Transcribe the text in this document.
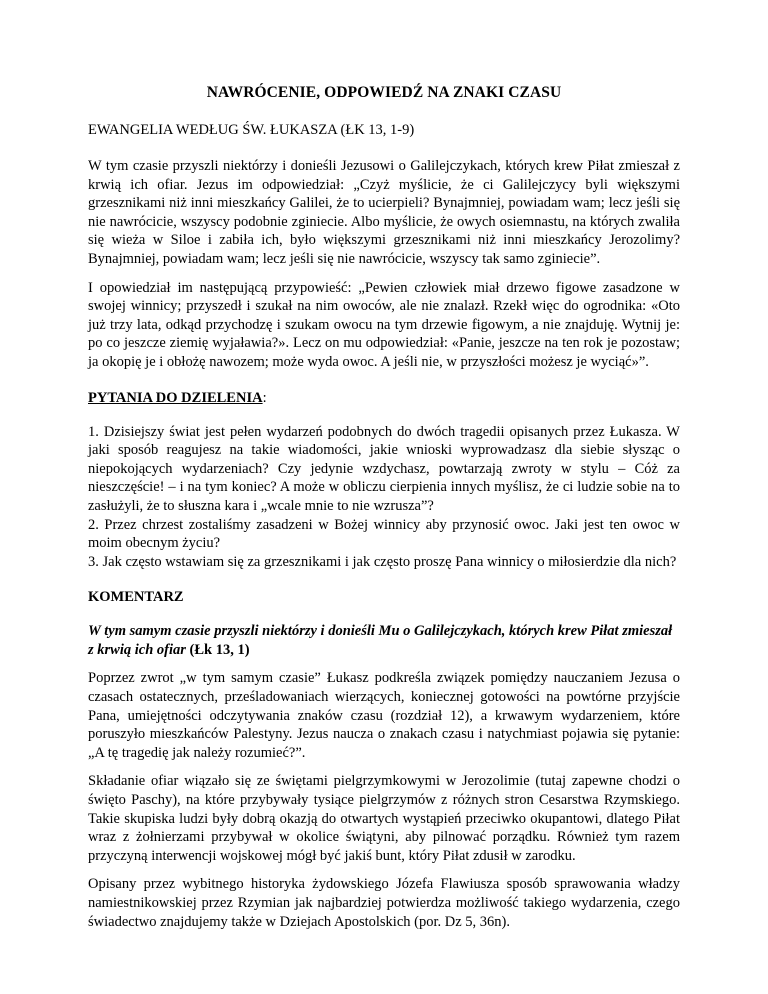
NAWRÓCENIE, ODPOWIEDŹ NA ZNAKI CZASU
EWANGELIA WEDŁUG ŚW. ŁUKASZA (ŁK 13, 1-9)

W tym czasie przyszli niektórzy i donieśli Jezusowi o Galilejczykach, których krew Piłat zmieszał z krwią ich ofiar. Jezus im odpowiedział: „Czyż myślicie, że ci Galilejczycy byli większymi grzesznikami niż inni mieszkańcy Galilei, że to ucierpieli? Bynajmniej, powiadam wam; lecz jeśli się nie nawrócicie, wszyscy podobnie zginiecie. Albo myślicie, że owych osiemnastu, na których zwaliła się wieża w Siloe i zabiła ich, było większymi grzesznikami niż inni mieszkańcy Jerozolimy? Bynajmniej, powiadam wam; lecz jeśli się nie nawrócicie, wszyscy tak samo zginiecie”.

I opowiedział im następującą przypowieść: „Pewien człowiek miał drzewo figowe zasadzone w swojej winnicy; przyszedł i szukał na nim owoców, ale nie znalazł. Rzekł więc do ogrodnika: «Oto już trzy lata, odkąd przychodzę i szukam owocu na tym drzewie figowym, a nie znajduję. Wytnij je: po co jeszcze ziemię wyjaławia?». Lecz on mu odpowiedział: «Panie, jeszcze na ten rok je pozostaw; ja okopię je i obłożę nawozem; może wyda owoc. A jeśli nie, w przyszłości możesz je wyciąć»”.

PYTANIA DO DZIELENIA:
1. Dzisiejszy świat jest pełen wydarzeń podobnych do dwóch tragedii opisanych przez Łukasza. W jaki sposób reagujesz na takie wiadomości, jakie wnioski wyprowadzasz dla siebie słysząc o niepokojących wydarzeniach? Czy jedynie wzdychasz, powtarzają zwroty w stylu – Cóż za nieszczęście! – i na tym koniec? A może w obliczu cierpienia innych myślisz, że ci ludzie sobie na to zasłużyli, że to słuszna kara i „wcale mnie to nie wzrusza”?
2. Przez chrzest zostaliśmy zasadzeni w Bożej winnicy aby przynosić owoc. Jaki jest ten owoc w moim obecnym życiu?
3. Jak często wstawiam się za grzesznikami i jak często proszę Pana winnicy o miłosierdzie dla nich?
KOMENTARZ
W tym samym czasie przyszli niektórzy i donieśli Mu o Galilejczykach, których krew Piłat zmieszał z krwią ich ofiar (Łk 13, 1)

Poprzez zwrot „w tym samym czasie” Łukasz podkreśla związek pomiędzy nauczaniem Jezusa o czasach ostatecznych, prześladowaniach wierzących, koniecznej gotowości na powtórne przyjście Pana, umiejętności odczytywania znaków czasu (rozdział 12), a krwawym wydarzeniem, które poruszyło mieszkańców Palestyny. Jezus naucza o znakach czasu i natychmiast pojawia się pytanie: „A tę tragedię jak należy rozumieć?”.

Składanie ofiar wiązało się ze świętami pielgrzymkowymi w Jerozolimie (tutaj zapewne chodzi o święto Paschy), na które przybywały tysiące pielgrzymów z różnych stron Cesarstwa Rzymskiego. Takie skupiska ludzi były dobrą okazją do otwartych wystąpień przeciwko okupantowi, dlatego Piłat wraz z żołnierzami przybywał w okolice świątyni, aby pilnować porządku. Również tym razem przyczyną interwencji wojskowej mógł być jakiś bunt, który Piłat zdusił w zarodku.

Opisany przez wybitnego historyka żydowskiego Józefa Flawiusza sposób sprawowania władzy namiestnikowskiej przez Rzymian jak najbardziej potwierdza możliwość takiego wydarzenia, czego świadectwo znajdujemy także w Dziejach Apostolskich (por. Dz 5, 36n).
